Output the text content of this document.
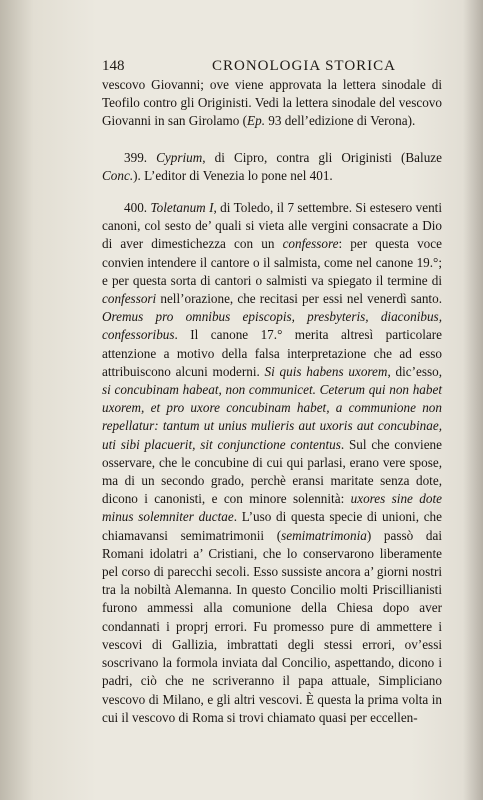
148	CRONOLOGIA STORICA

vescovo Giovanni; ove viene approvata la lettera sinodale di Teofilo contro gli Originisti. Vedi la lettera sinodale del vescovo Giovanni in san Girolamo (Ep. 93 dell’edizione di Verona).

399. Cyprium, di Cipro, contra gli Originisti (Baluze Conc.). L’editor di Venezia lo pone nel 401.

400. Toletanum I, di Toledo, il 7 settembre. Si estesero venti canoni, col sesto de’ quali si vieta alle vergini consacrate a Dio di aver dimestichezza con un confessore: per questa voce convien intendere il cantore o il salmista, come nel canone 19.°; e per questa sorta di cantori o salmisti va spiegato il termine di confessori nell’orazione, che recitasi per essi nel venerdì santo. Oremus pro omnibus episcopis, presbyteris, diaconibus, confessoribus. Il canone 17.° merita altresì particolare attenzione a motivo della falsa interpretazione che ad esso attribuiscono alcuni moderni. Si quis habens uxorem, dic’esso, si concubinam habeat, non communicet. Ceterum qui non habet uxorem, et pro uxore concubinam habet, a communione non repellatur: tantum ut unius mulieris aut uxoris aut concubinae, uti sibi placuerit, sit conjunctione contentus. Sul che conviene osservare, che le concubine di cui qui parlasi, erano vere spose, ma di un secondo grado, perchè eransi maritate senza dote, dicono i canonisti, e con minore solennità: uxores sine dote minus solemniter ductae. L’uso di questa specie di unioni, che chiamavansi semimatrimonii (semimatrimonia) passò dai Romani idolatri a’ Cristiani, che lo conservarono liberamente pel corso di parecchi secoli. Esso sussiste ancora a’ giorni nostri tra la nobiltà Alemanna. In questo Concilio molti Priscillianisti furono ammessi alla comunione della Chiesa dopo aver condannati i proprj errori. Fu promesso pure di ammettere i vescovi di Gallizia, imbrattati degli stessi errori, ov’essi soscrivano la formola inviata dal Concilio, aspettando, dicono i padri, ciò che ne scriveranno il papa attuale, Simpliciano vescovo di Milano, e gli altri vescovi. È questa la prima volta in cui il vescovo di Roma si trovi chiamato quasi per eccellen-
